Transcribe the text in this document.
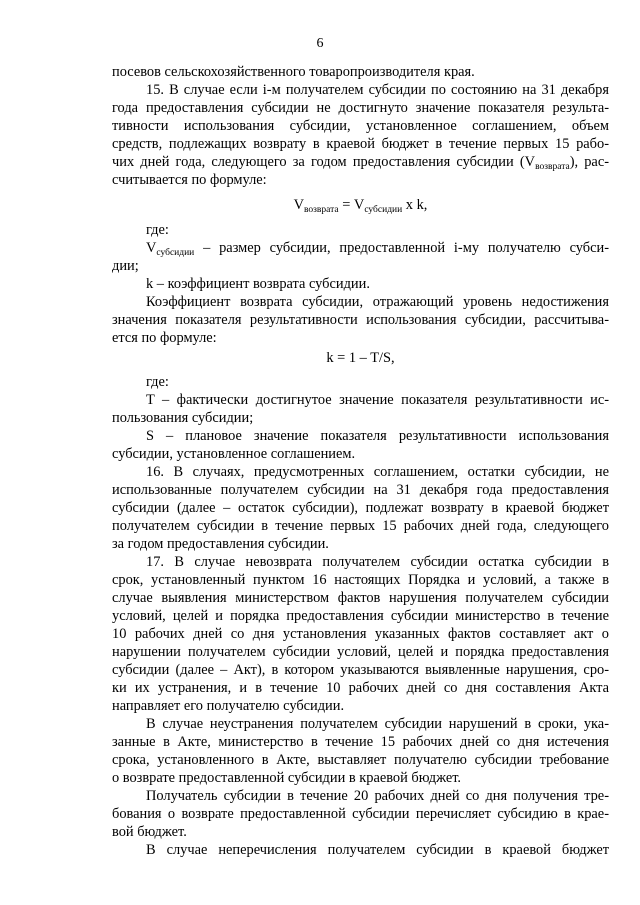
6
посевов сельскохозяйственного товаропроизводителя края.
15. В случае если i-м получателем субсидии по состоянию на 31 декабря
года предоставления субсидии не достигнуто значение показателя результа-
тивности использования субсидии, установленное соглашением, объем
средств, подлежащих возврату в краевой бюджет в течение первых 15 рабо-
чих дней года, следующего за годом предоставления субсидии $(V_{возврата})$, рас-
считывается по формуле:
$V_{возврата} = V_{субсидии}$ x k,
где:
$V_{субсидии}$ – размер субсидии, предоставленной i-му получателю субси-
дии;
k – коэффициент возврата субсидии.
Коэффициент возврата субсидии, отражающий уровень недостижения
значения показателя результативности использования субсидии, рассчитыва-
ется по формуле:
k = 1 – T/S,
где:
T – фактически достигнутое значение показателя результативности ис-
пользования субсидии;
S – плановое значение показателя результативности использования
субсидии, установленное соглашением.
16. В случаях, предусмотренных соглашением, остатки субсидии, не
использованные получателем субсидии на 31 декабря года предоставления
субсидии (далее – остаток субсидии), подлежат возврату в краевой бюджет
получателем субсидии в течение первых 15 рабочих дней года, следующего
за годом предоставления субсидии.
17. В случае невозврата получателем субсидии остатка субсидии в
срок, установленный пунктом 16 настоящих Порядка и условий, а также в
случае выявления министерством фактов нарушения получателем субсидии
условий, целей и порядка предоставления субсидии министерство в течение
10 рабочих дней со дня установления указанных фактов составляет акт о
нарушении получателем субсидии условий, целей и порядка предоставления
субсидии (далее – Акт), в котором указываются выявленные нарушения, сро-
ки их устранения, и в течение 10 рабочих дней со дня составления Акта
направляет его получателю субсидии.
В случае неустранения получателем субсидии нарушений в сроки, ука-
занные в Акте, министерство в течение 15 рабочих дней со дня истечения
срока, установленного в Акте, выставляет получателю субсидии требование
о возврате предоставленной субсидии в краевой бюджет.
Получатель субсидии в течение 20 рабочих дней со дня получения тре-
бования о возврате предоставленной субсидии перечисляет субсидию в крае-
вой бюджет.
В случае неперечисления получателем субсидии в краевой бюджет
